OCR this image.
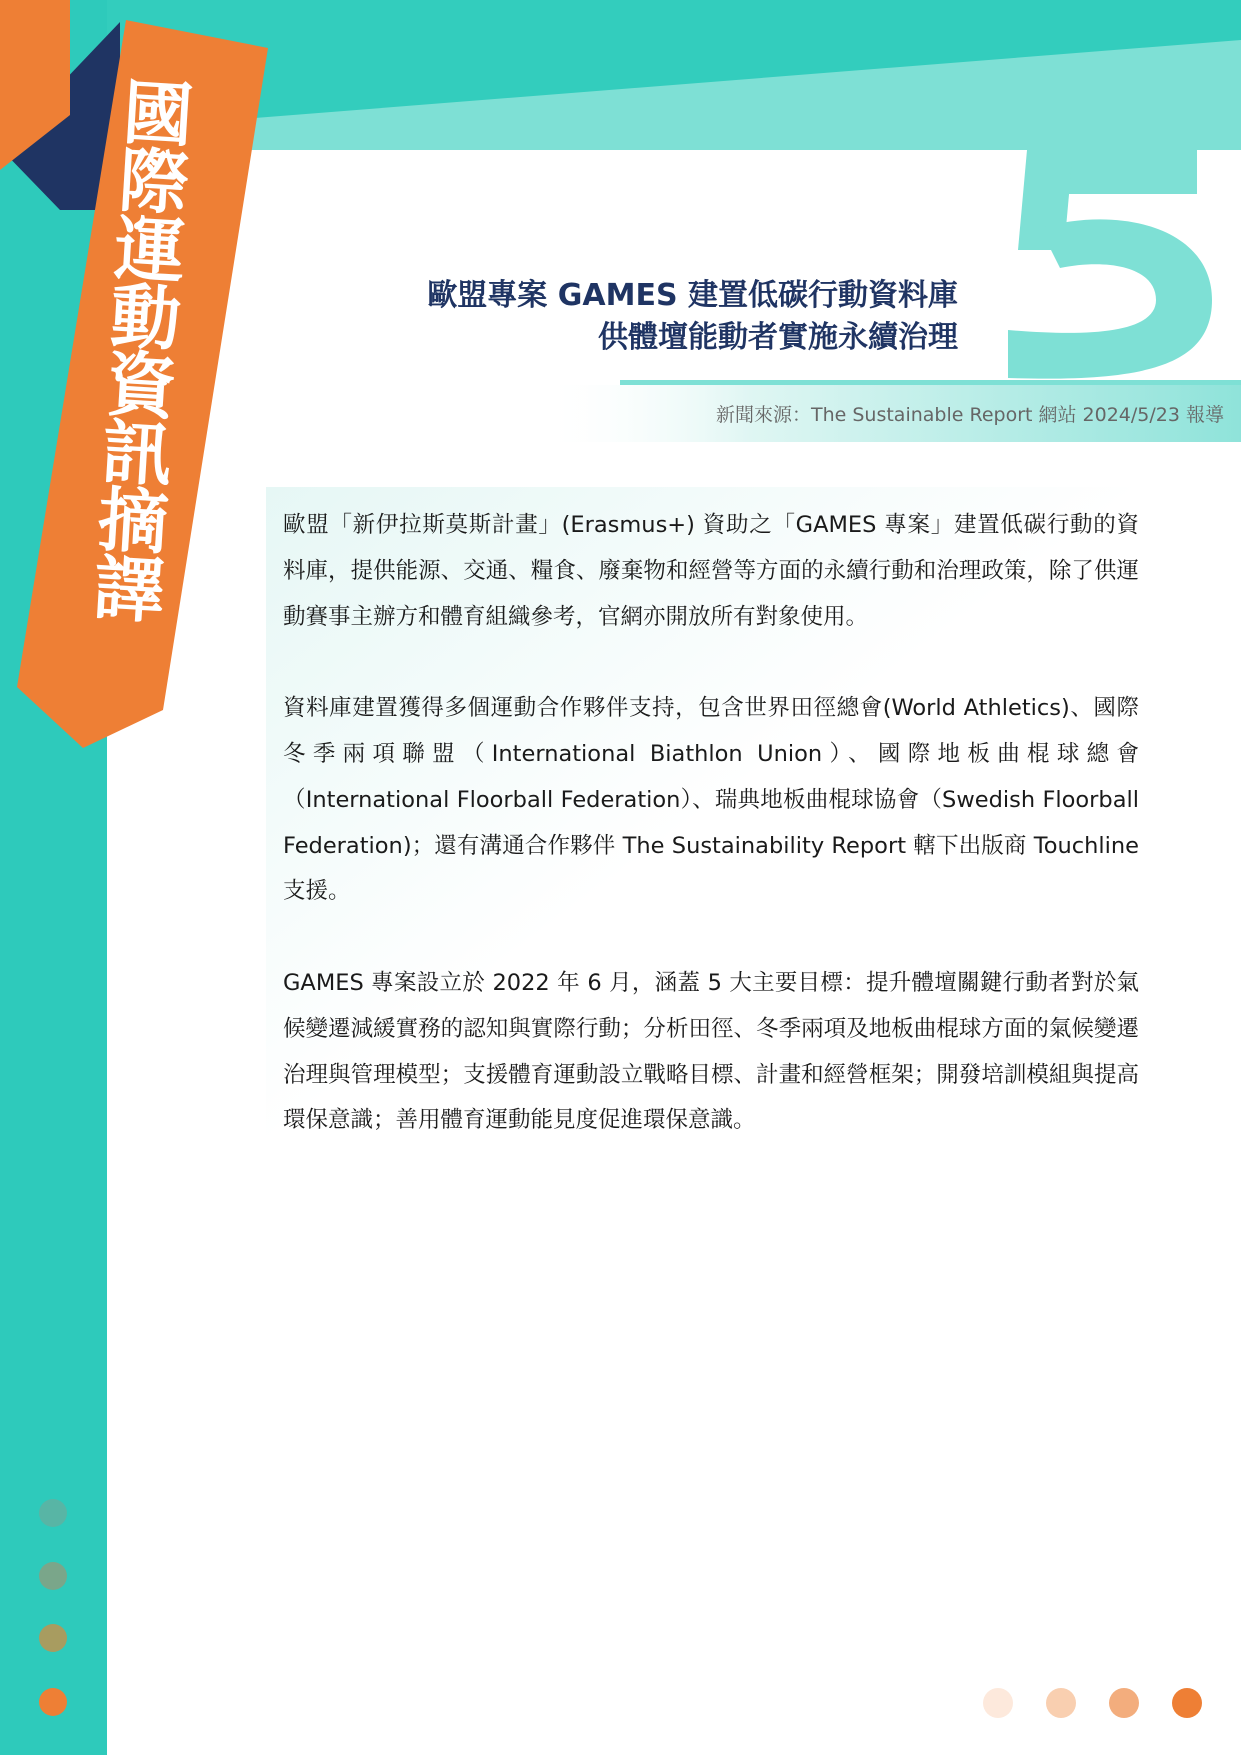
國際運動資訊摘譯	歐盟專案 GAMES 建置低碳行動資料庫
供體壇能動者實施永續治理
新聞來源：The Sustainable Report 網站 2024/5/23 報導

歐盟「新伊拉斯莫斯計畫」(Erasmus+) 資助之「GAMES 專案」建置低碳行動的資料庫，提供能源、交通、糧食、廢棄物和經營等方面的永續行動和治理政策，除了供運動賽事主辦方和體育組織參考，官網亦開放所有對象使用。

資料庫建置獲得多個運動合作夥伴支持，包含世界田徑總會(World Athletics)、國際冬季兩項聯盟（International Biathlon Union）、國際地板曲棍球總會（International Floorball Federation）、瑞典地板曲棍球協會（Swedish Floorball Federation)；還有溝通合作夥伴 The Sustainability Report 轄下出版商 Touchline 支援。

GAMES 專案設立於 2022 年 6 月，涵蓋 5 大主要目標：提升體壇關鍵行動者對於氣候變遷減緩實務的認知與實際行動；分析田徑、冬季兩項及地板曲棍球方面的氣候變遷治理與管理模型；支援體育運動設立戰略目標、計畫和經營框架；開發培訓模組與提高環保意識；善用體育運動能見度促進環保意識。
